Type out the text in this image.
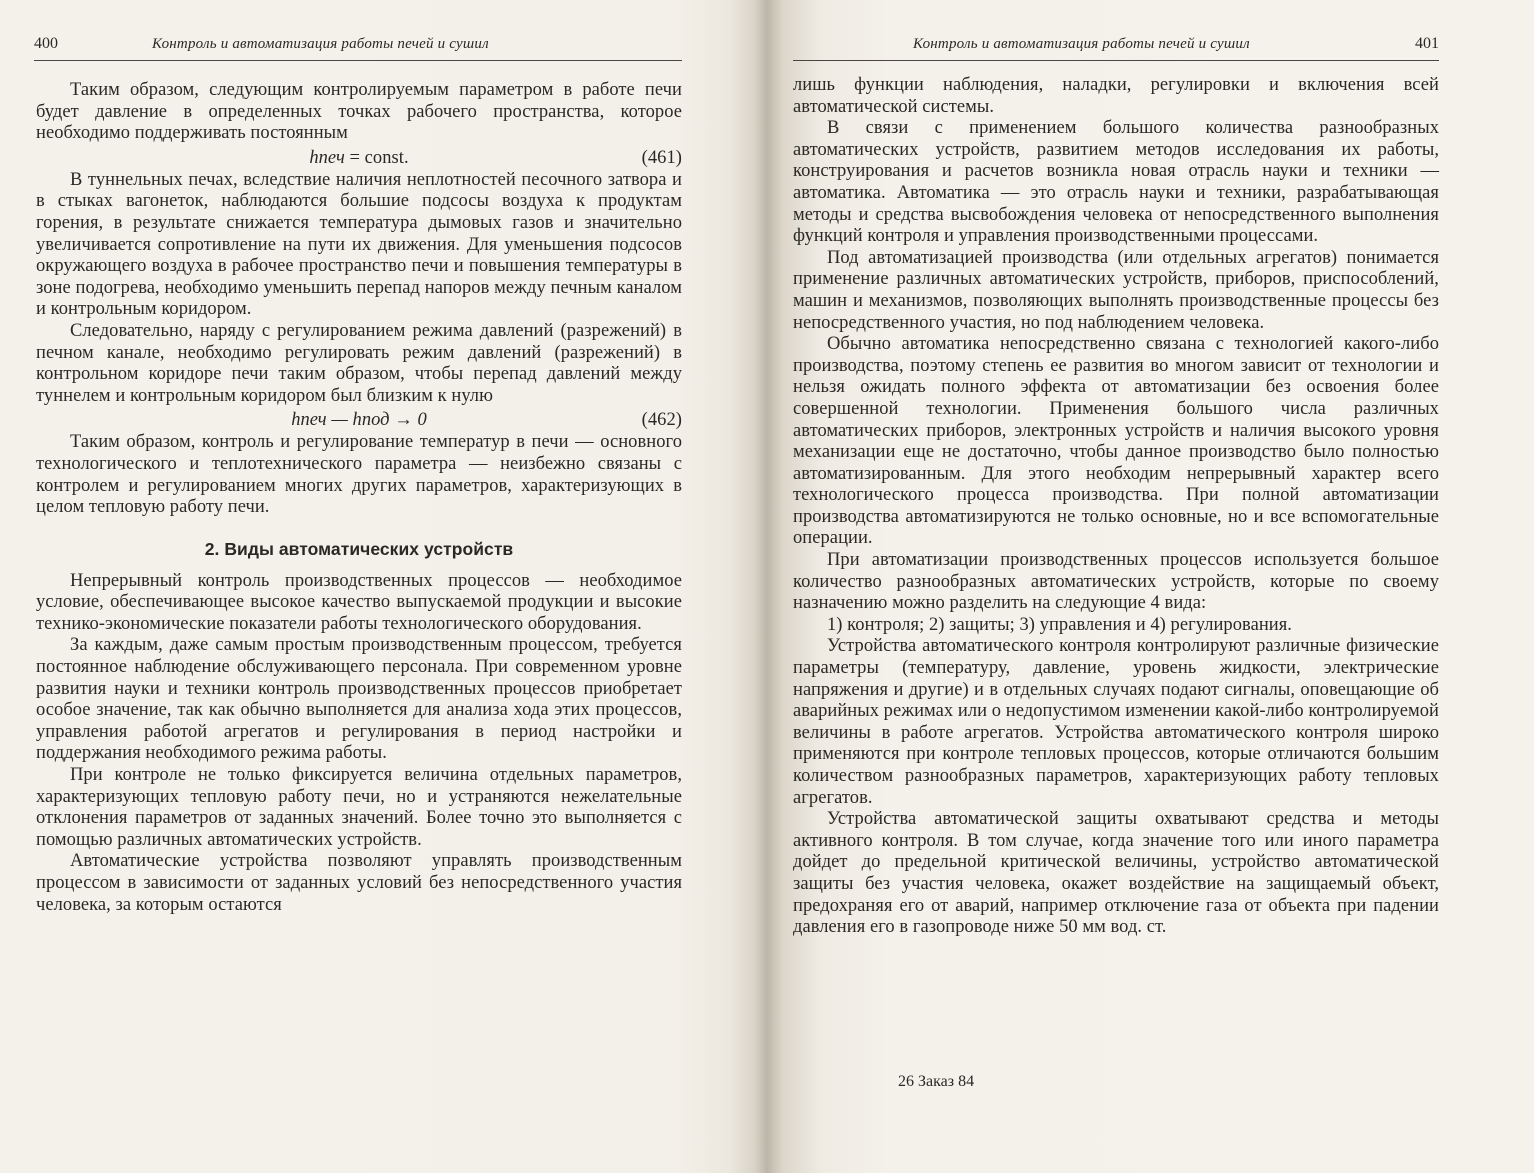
400	Контроль и автоматизация работы печей и сушил

Таким образом, следующим контролируемым параметром в работе печи будет давление в определенных точках рабочего пространства, которое необходимо поддерживать постоянным

hпеч = const.	(461)

В туннельных печах, вследствие наличия неплотностей песочного затвора и в стыках вагонеток, наблюдаются большие подсосы воздуха к продуктам горения, в результате снижается температура дымовых газов и значительно увеличивается сопротивление на пути их движения. Для уменьшения подсосов окружающего воздуха в рабочее пространство печи и повышения температуры в зоне подогрева, необходимо уменьшить перепад напоров между печным каналом и контрольным коридором.

Следовательно, наряду с регулированием режима давлений (разрежений) в печном канале, необходимо регулировать режим давлений (разрежений) в контрольном коридоре печи таким образом, чтобы перепад давлений между туннелем и контрольным коридором был близким к нулю

hпеч — hпод → 0	(462)

Таким образом, контроль и регулирование температур в печи — основного технологического и теплотехнического параметра — неизбежно связаны с контролем и регулированием многих других параметров, характеризующих в целом тепловую работу печи.

2. Виды автоматических устройств

Непрерывный контроль производственных процессов — необходимое условие, обеспечивающее высокое качество выпускаемой продукции и высокие технико-экономические показатели работы технологического оборудования.

За каждым, даже самым простым производственным процессом, требуется постоянное наблюдение обслуживающего персонала. При современном уровне развития науки и техники контроль производственных процессов приобретает особое значение, так как обычно выполняется для анализа хода этих процессов, управления работой агрегатов и регулирования в период настройки и поддержания необходимого режима работы.

При контроле не только фиксируется величина отдельных параметров, характеризующих тепловую работу печи, но и устраняются нежелательные отклонения параметров от заданных значений. Более точно это выполняется с помощью различных автоматических устройств.

Автоматические устройства позволяют управлять производственным процессом в зависимости от заданных условий без непосредственного участия человека, за которым остаются

Контроль и автоматизация работы печей и сушил	401

лишь функции наблюдения, наладки, регулировки и включения всей автоматической системы.

В связи с применением большого количества разнообразных автоматических устройств, развитием методов исследования их работы, конструирования и расчетов возникла новая отрасль науки и техники — автоматика. Автоматика — это отрасль науки и техники, разрабатывающая методы и средства высвобождения человека от непосредственного выполнения функций контроля и управления производственными процессами.

Под автоматизацией производства (или отдельных агрегатов) понимается применение различных автоматических устройств, приборов, приспособлений, машин и механизмов, позволяющих выполнять производственные процессы без непосредственного участия, но под наблюдением человека.

Обычно автоматика непосредственно связана с технологией какого-либо производства, поэтому степень ее развития во многом зависит от технологии и нельзя ожидать полного эффекта от автоматизации без освоения более совершенной технологии. Применения большого числа различных автоматических приборов, электронных устройств и наличия высокого уровня механизации еще не достаточно, чтобы данное производство было полностью автоматизированным. Для этого необходим непрерывный характер всего технологического процесса производства. При полной автоматизации производства автоматизируются не только основные, но и все вспомогательные операции.

При автоматизации производственных процессов используется большое количество разнообразных автоматических устройств, которые по своему назначению можно разделить на следующие 4 вида:

1) контроля; 2) защиты; 3) управления и 4) регулирования.

Устройства автоматического контроля контролируют различные физические параметры (температуру, давление, уровень жидкости, электрические напряжения и другие) и в отдельных случаях подают сигналы, оповещающие об аварийных режимах или о недопустимом изменении какой-либо контролируемой величины в работе агрегатов. Устройства автоматического контроля широко применяются при контроле тепловых процессов, которые отличаются большим количеством разнообразных параметров, характеризующих работу тепловых агрегатов.

Устройства автоматической защиты охватывают средства и методы активного контроля. В том случае, когда значение того или иного параметра дойдет до предельной критической величины, устройство автоматической защиты без участия человека, окажет воздействие на защищаемый объект, предохраняя его от аварий, например отключение газа от объекта при падении давления его в газопроводе ниже 50 мм вод. ст.

26 Заказ 84
